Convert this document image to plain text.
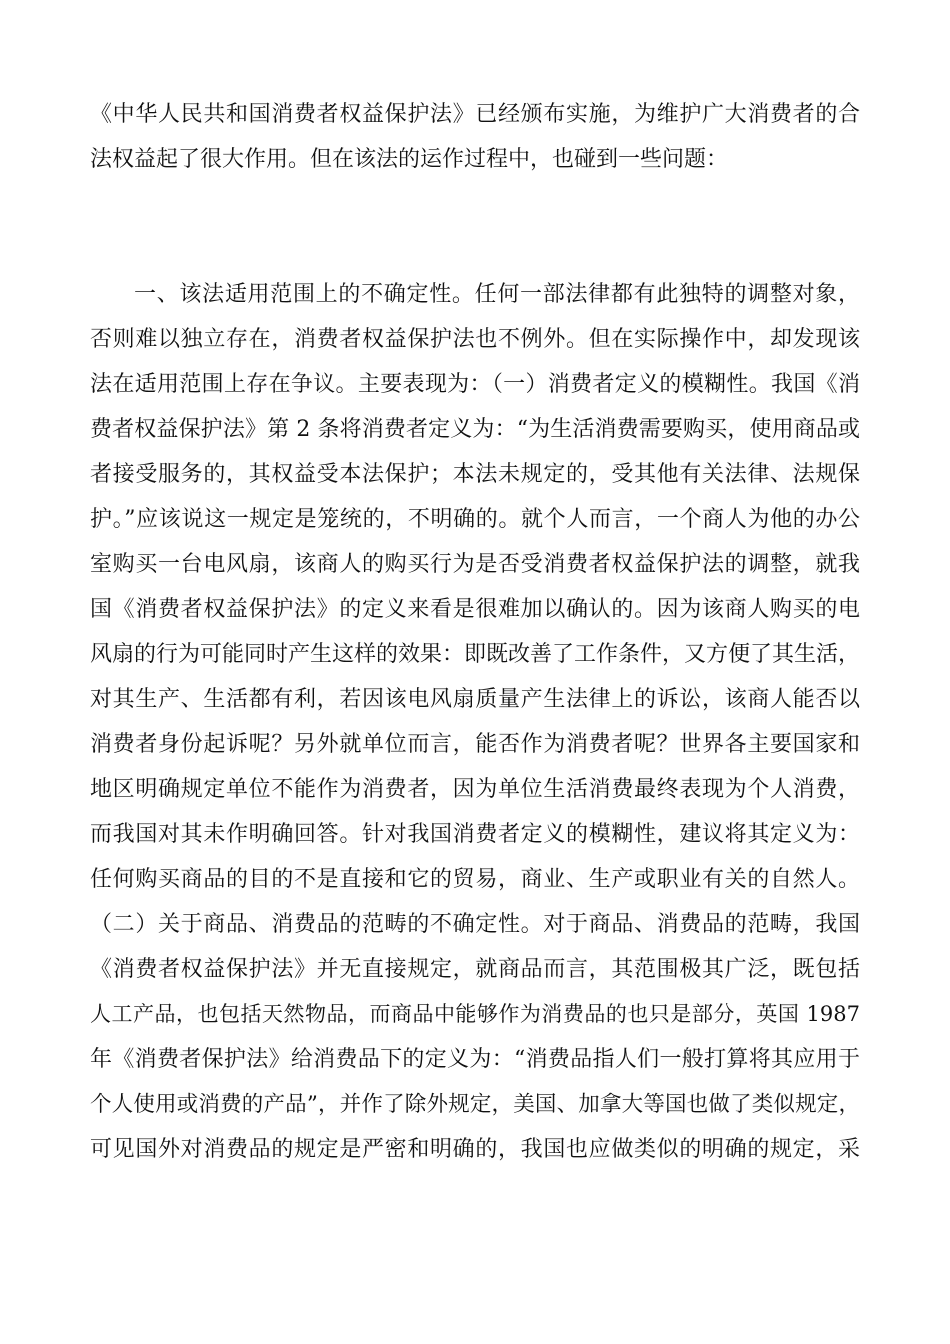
《中华人民共和国消费者权益保护法》已经颁布实施，为维护广大消费者的合
法权益起了很大作用。但在该法的运作过程中，也碰到一些问题：
一、该法适用范围上的不确定性。任何一部法律都有此独特的调整对象，
否则难以独立存在，消费者权益保护法也不例外。但在实际操作中，却发现该
法在适用范围上存在争议。主要表现为：（一）消费者定义的模糊性。我国《消
费者权益保护法》第 2 条将消费者定义为：“为生活消费需要购买，使用商品或
者接受服务的，其权益受本法保护；本法未规定的，受其他有关法律、法规保
护。”应该说这一规定是笼统的，不明确的。就个人而言，一个商人为他的办公
室购买一台电风扇，该商人的购买行为是否受消费者权益保护法的调整，就我
国《消费者权益保护法》的定义来看是很难加以确认的。因为该商人购买的电
风扇的行为可能同时产生这样的效果：即既改善了工作条件，又方便了其生活，
对其生产、生活都有利，若因该电风扇质量产生法律上的诉讼，该商人能否以
消费者身份起诉呢？另外就单位而言，能否作为消费者呢？世界各主要国家和
地区明确规定单位不能作为消费者，因为单位生活消费最终表现为个人消费，
而我国对其未作明确回答。针对我国消费者定义的模糊性，建议将其定义为：
任何购买商品的目的不是直接和它的贸易，商业、生产或职业有关的自然人。
（二）关于商品、消费品的范畴的不确定性。对于商品、消费品的范畴，我国
《消费者权益保护法》并无直接规定，就商品而言，其范围极其广泛，既包括
人工产品，也包括天然物品，而商品中能够作为消费品的也只是部分，英国 1987
年《消费者保护法》给消费品下的定义为：“消费品指人们一般打算将其应用于
个人使用或消费的产品”，并作了除外规定，美国、加拿大等国也做了类似规定，
可见国外对消费品的规定是严密和明确的，我国也应做类似的明确的规定，采
